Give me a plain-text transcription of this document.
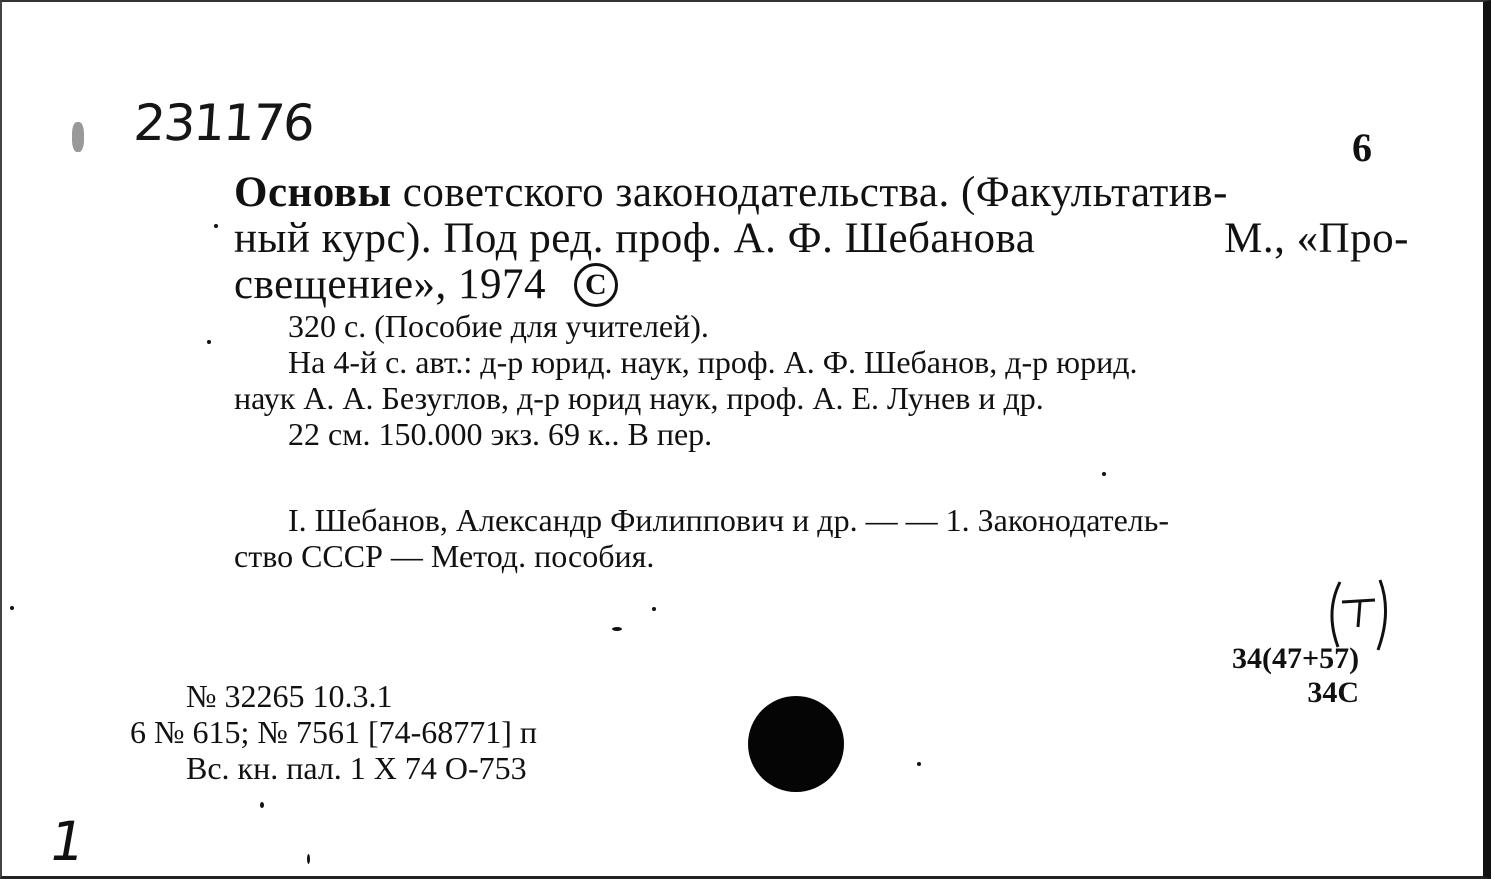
231176	6
Основы советского законодательства. (Факультатив-
ный курс). Под ред. проф. А. Ф. Шебанова	М., «Про-
свещение», 1974 C
320 с. (Пособие для учителей).
На 4-й с. авт.: д-р юрид. наук, проф. А. Ф. Шебанов, д-р юрид.
наук А. А. Безуглов, д-р юрид наук, проф. А. Е. Лунев и др.
22 см. 150.000 экз. 69 к.. В пер.
I. Шебанов, Александр Филиппович и др. — — 1. Законодатель-
ство СССР — Метод. пособия.
34(47+57)
34С
№ 32265 10.3.1
6 № 615; № 7561 [74-68771] п
Вс. кн. пал. 1 Х 74 О-753
1
